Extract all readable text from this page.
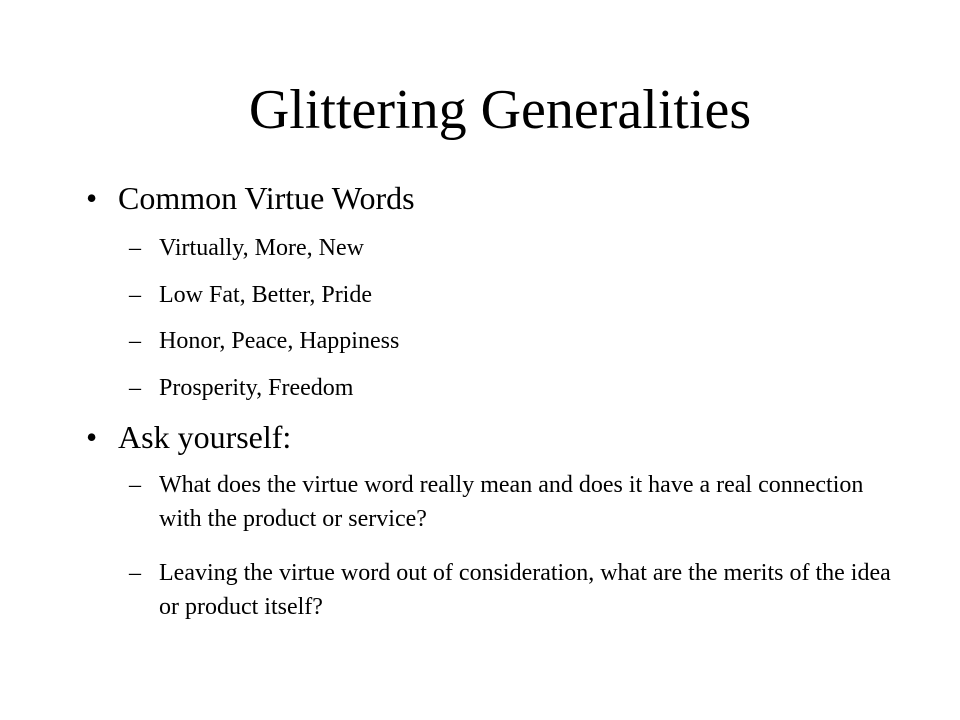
Glittering Generalities
• Common Virtue Words
– Virtually, More, New
– Low Fat, Better, Pride
– Honor, Peace, Happiness
– Prosperity, Freedom
• Ask yourself:
– What does the virtue word really mean and does it have a real connection with the product or service?
– Leaving the virtue word out of consideration, what are the merits of the idea or product itself?
